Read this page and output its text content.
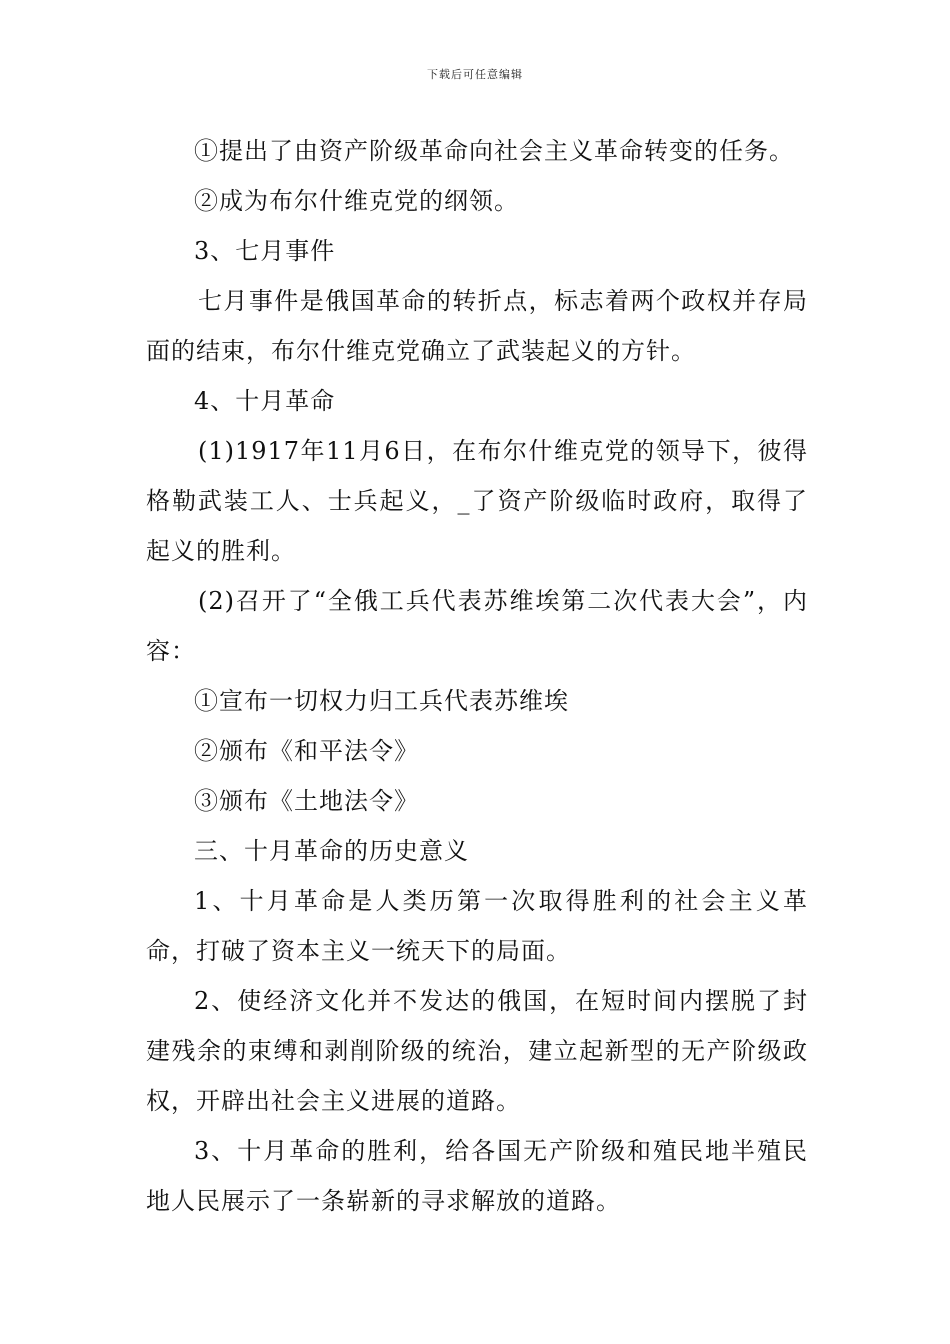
下载后可任意编辑

①提出了由资产阶级革命向社会主义革命转变的任务。

②成为布尔什维克党的纲领。

3、七月事件

七月事件是俄国革命的转折点，标志着两个政权并存局面的结束，布尔什维克党确立了武装起义的方针。

4、十月革命

(1)1917年11月6日，在布尔什维克党的领导下，彼得格勒武装工人、士兵起义，_了资产阶级临时政府，取得了起义的胜利。

(2)召开了“全俄工兵代表苏维埃第二次代表大会”，内容：

①宣布一切权力归工兵代表苏维埃

②颁布《和平法令》

③颁布《土地法令》

三、十月革命的历史意义

1、十月革命是人类历第一次取得胜利的社会主义革命，打破了资本主义一统天下的局面。

2、使经济文化并不发达的俄国，在短时间内摆脱了封建残余的束缚和剥削阶级的统治，建立起新型的无产阶级政权，开辟出社会主义进展的道路。

3、十月革命的胜利，给各国无产阶级和殖民地半殖民地人民展示了一条崭新的寻求解放的道路。
